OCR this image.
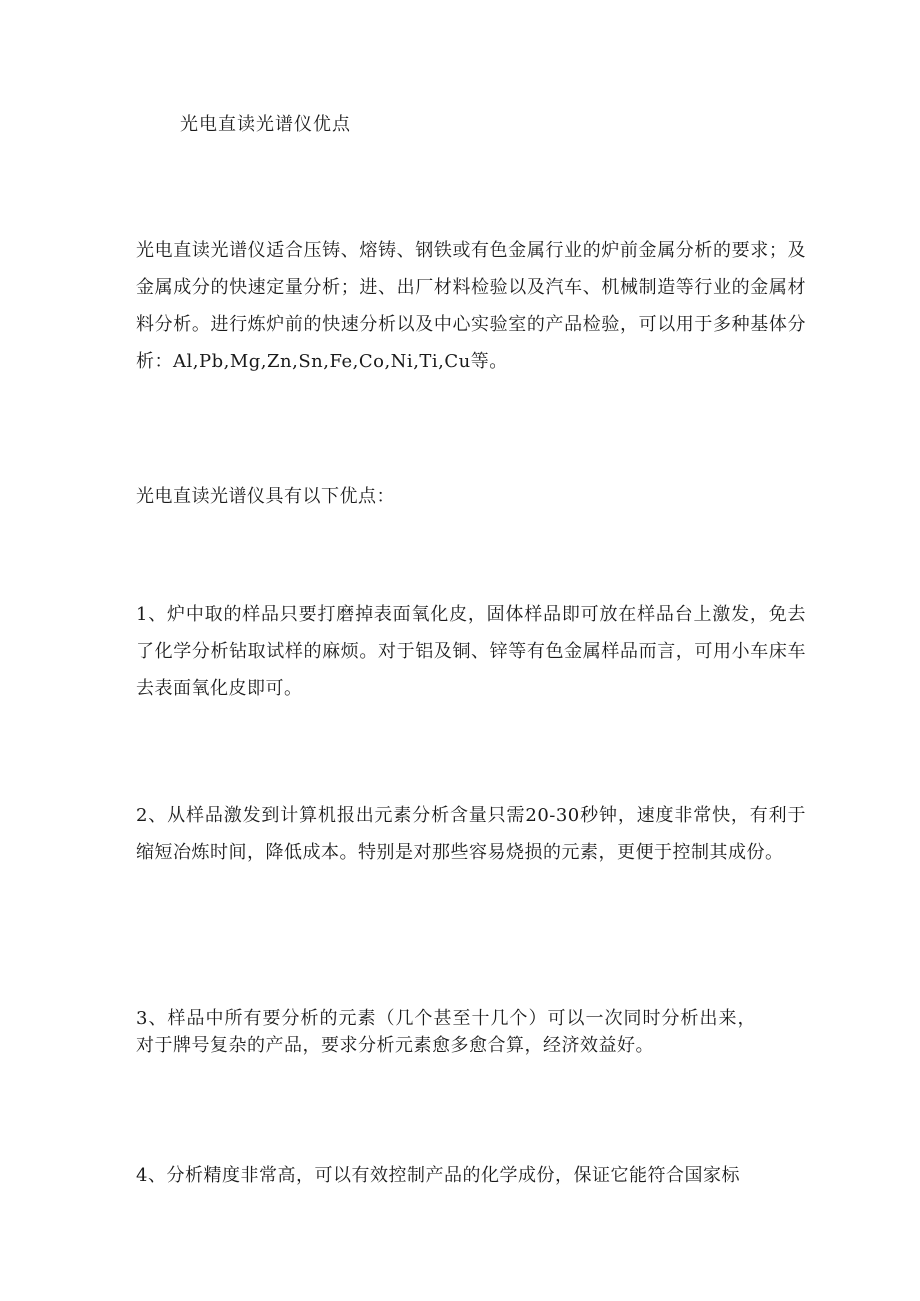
光电直读光谱仪优点
光电直读光谱仪适合压铸、熔铸、钢铁或有色金属行业的炉前金属分析的要求；及金属成分的快速定量分析；进、出厂材料检验以及汽车、机械制造等行业的金属材料分析。进行炼炉前的快速分析以及中心实验室的产品检验，可以用于多种基体分析：Al,Pb,Mg,Zn,Sn,Fe,Co,Ni,Ti,Cu等。
光电直读光谱仪具有以下优点：
1、炉中取的样品只要打磨掉表面氧化皮，固体样品即可放在样品台上激发，免去了化学分析钻取试样的麻烦。对于铝及铜、锌等有色金属样品而言，可用小车床车去表面氧化皮即可。
2、从样品激发到计算机报出元素分析含量只需20-30秒钟，速度非常快，有利于缩短冶炼时间，降低成本。特别是对那些容易烧损的元素，更便于控制其成份。
3、样品中所有要分析的元素（几个甚至十几个）可以一次同时分析出来，对于牌号复杂的产品，要求分析元素愈多愈合算，经济效益好。
4、分析精度非常高，可以有效控制产品的化学成份，保证它能符合国家标
